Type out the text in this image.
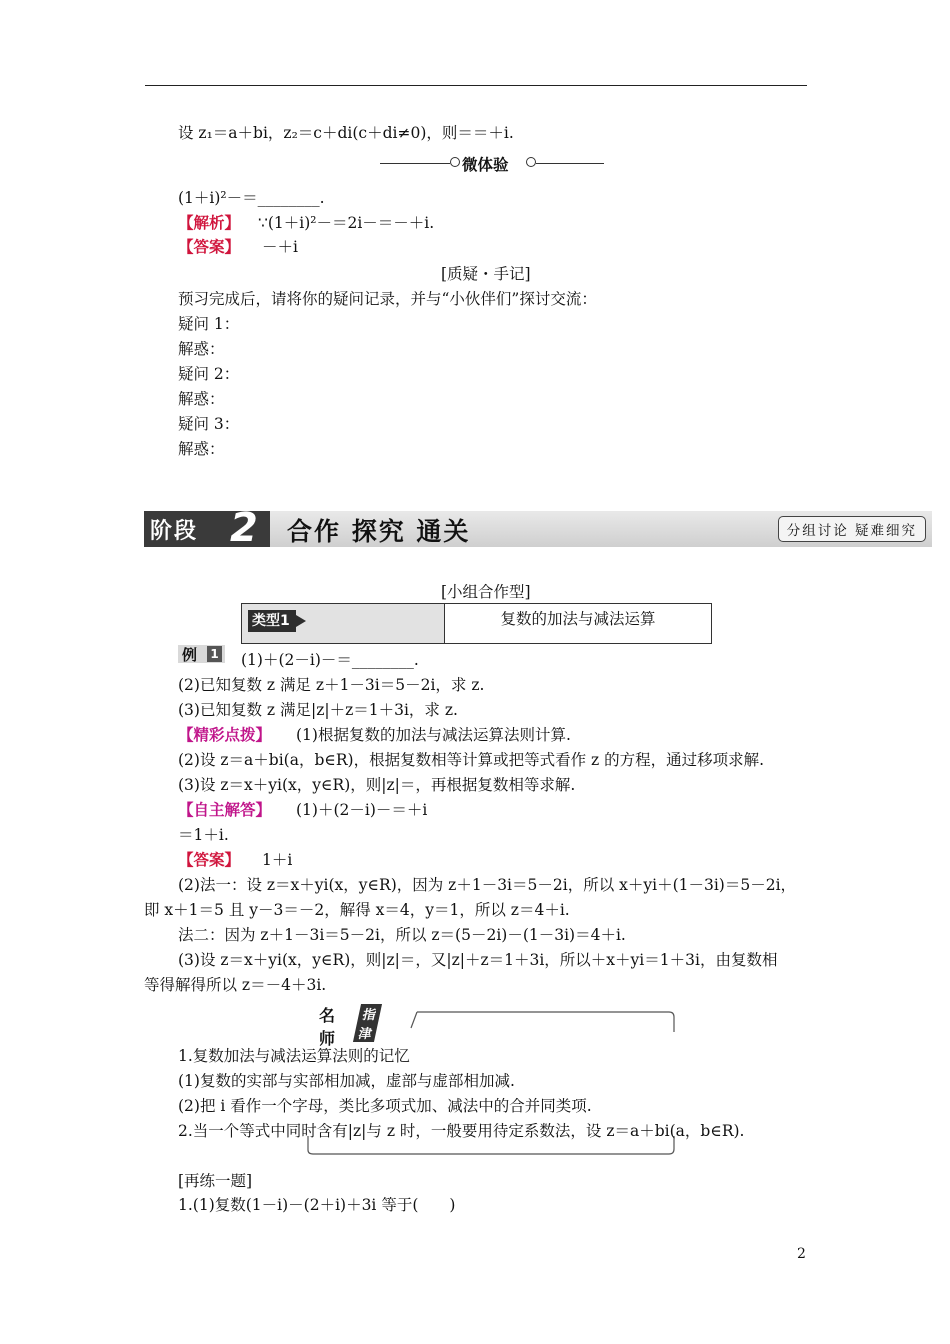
设 z₁＝a＋bi，z₂＝c＋di(c＋di≠0)，则＝＝＋i.
微体验
(1＋i)²－＝________.
【解析】 ∵(1＋i)²－＝2i－＝－＋i.
【答案】 －＋i
[质疑・手记]
预习完成后，请将你的疑问记录，并与“小伙伴们”探讨交流：
疑问 1：
解惑：
疑问 2：
解惑：
疑问 3：
解惑：
阶段 2 合作 探究 通关	分组讨论 疑难细究
[小组合作型]
类型1	复数的加法与减法运算
例 1 (1)＋(2－i)－＝________.
(2)已知复数 z 满足 z＋1－3i＝5－2i，求 z.
(3)已知复数 z 满足|z|＋z＝1＋3i，求 z.
【精彩点拨】 (1)根据复数的加法与减法运算法则计算.
(2)设 z＝a＋bi(a，b∈R)，根据复数相等计算或把等式看作 z 的方程，通过移项求解.
(3)设 z＝x＋yi(x，y∈R)，则|z|＝，再根据复数相等求解.
【自主解答】 (1)＋(2－i)－＝＋i
＝1＋i.
【答案】 1＋i
(2)法一：设 z＝x＋yi(x，y∈R)，因为 z＋1－3i＝5－2i，所以 x＋yi＋(1－3i)＝5－2i，
即 x＋1＝5 且 y－3＝－2，解得 x＝4，y＝1，所以 z＝4＋i.
法二：因为 z＋1－3i＝5－2i，所以 z＝(5－2i)－(1－3i)＝4＋i.
(3)设 z＝x＋yi(x，y∈R)，则|z|＝，又|z|＋z＝1＋3i，所以＋x＋yi＝1＋3i，由复数相
等得解得所以 z＝－4＋3i.
名师
指津
1.复数加法与减法运算法则的记忆
(1)复数的实部与实部相加减，虚部与虚部相加减.
(2)把 i 看作一个字母，类比多项式加、减法中的合并同类项.
2.当一个等式中同时含有|z|与 z 时，一般要用待定系数法，设 z＝a＋bi(a，b∈R).
[再练一题]
1.(1)复数(1－i)－(2＋i)＋3i 等于(　　)
2
